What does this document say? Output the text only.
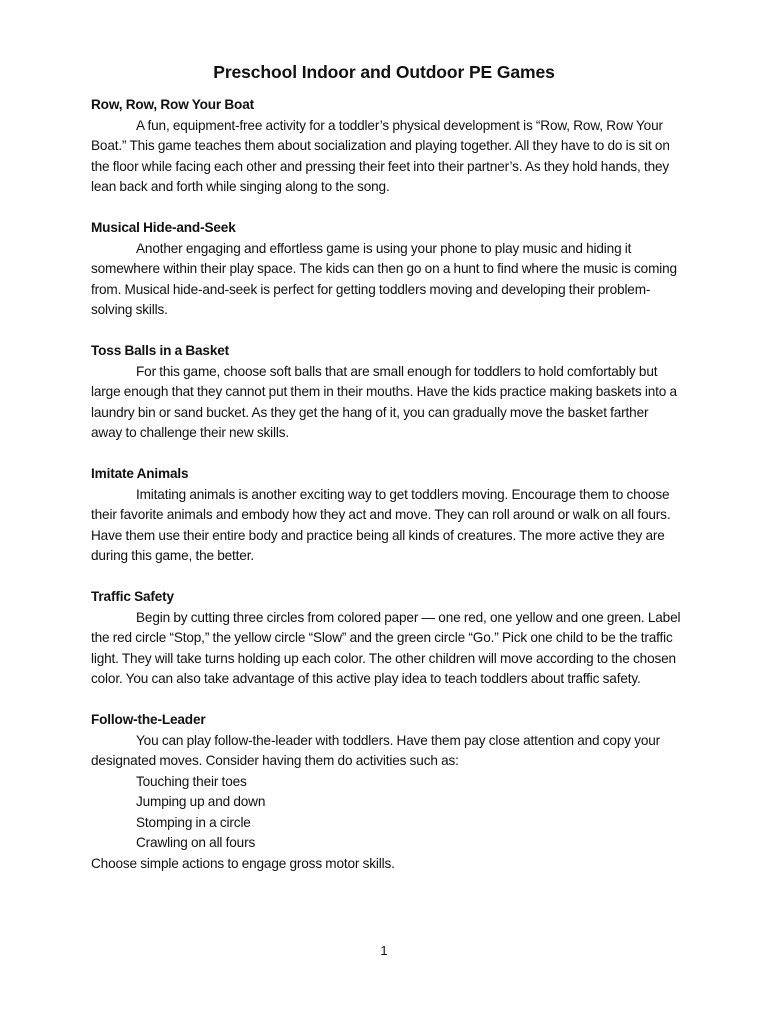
Preschool Indoor and Outdoor PE Games

Row, Row, Row Your Boat

A fun, equipment-free activity for a toddler’s physical development is “Row, Row, Row Your Boat.” This game teaches them about socialization and playing together. All they have to do is sit on the floor while facing each other and pressing their feet into their partner’s. As they hold hands, they lean back and forth while singing along to the song.

Musical Hide-and-Seek

Another engaging and effortless game is using your phone to play music and hiding it somewhere within their play space. The kids can then go on a hunt to find where the music is coming from. Musical hide-and-seek is perfect for getting toddlers moving and developing their problem-solving skills.

Toss Balls in a Basket

For this game, choose soft balls that are small enough for toddlers to hold comfortably but large enough that they cannot put them in their mouths. Have the kids practice making baskets into a laundry bin or sand bucket. As they get the hang of it, you can gradually move the basket farther away to challenge their new skills.

Imitate Animals

Imitating animals is another exciting way to get toddlers moving. Encourage them to choose their favorite animals and embody how they act and move. They can roll around or walk on all fours. Have them use their entire body and practice being all kinds of creatures. The more active they are during this game, the better.

Traffic Safety

Begin by cutting three circles from colored paper — one red, one yellow and one green. Label the red circle “Stop,” the yellow circle “Slow” and the green circle “Go.” Pick one child to be the traffic light. They will take turns holding up each color. The other children will move according to the chosen color. You can also take advantage of this active play idea to teach toddlers about traffic safety.

Follow-the-Leader

You can play follow-the-leader with toddlers. Have them pay close attention and copy your designated moves. Consider having them do activities such as:

Touching their toes

Jumping up and down

Stomping in a circle

Crawling on all fours

Choose simple actions to engage gross motor skills.

1
